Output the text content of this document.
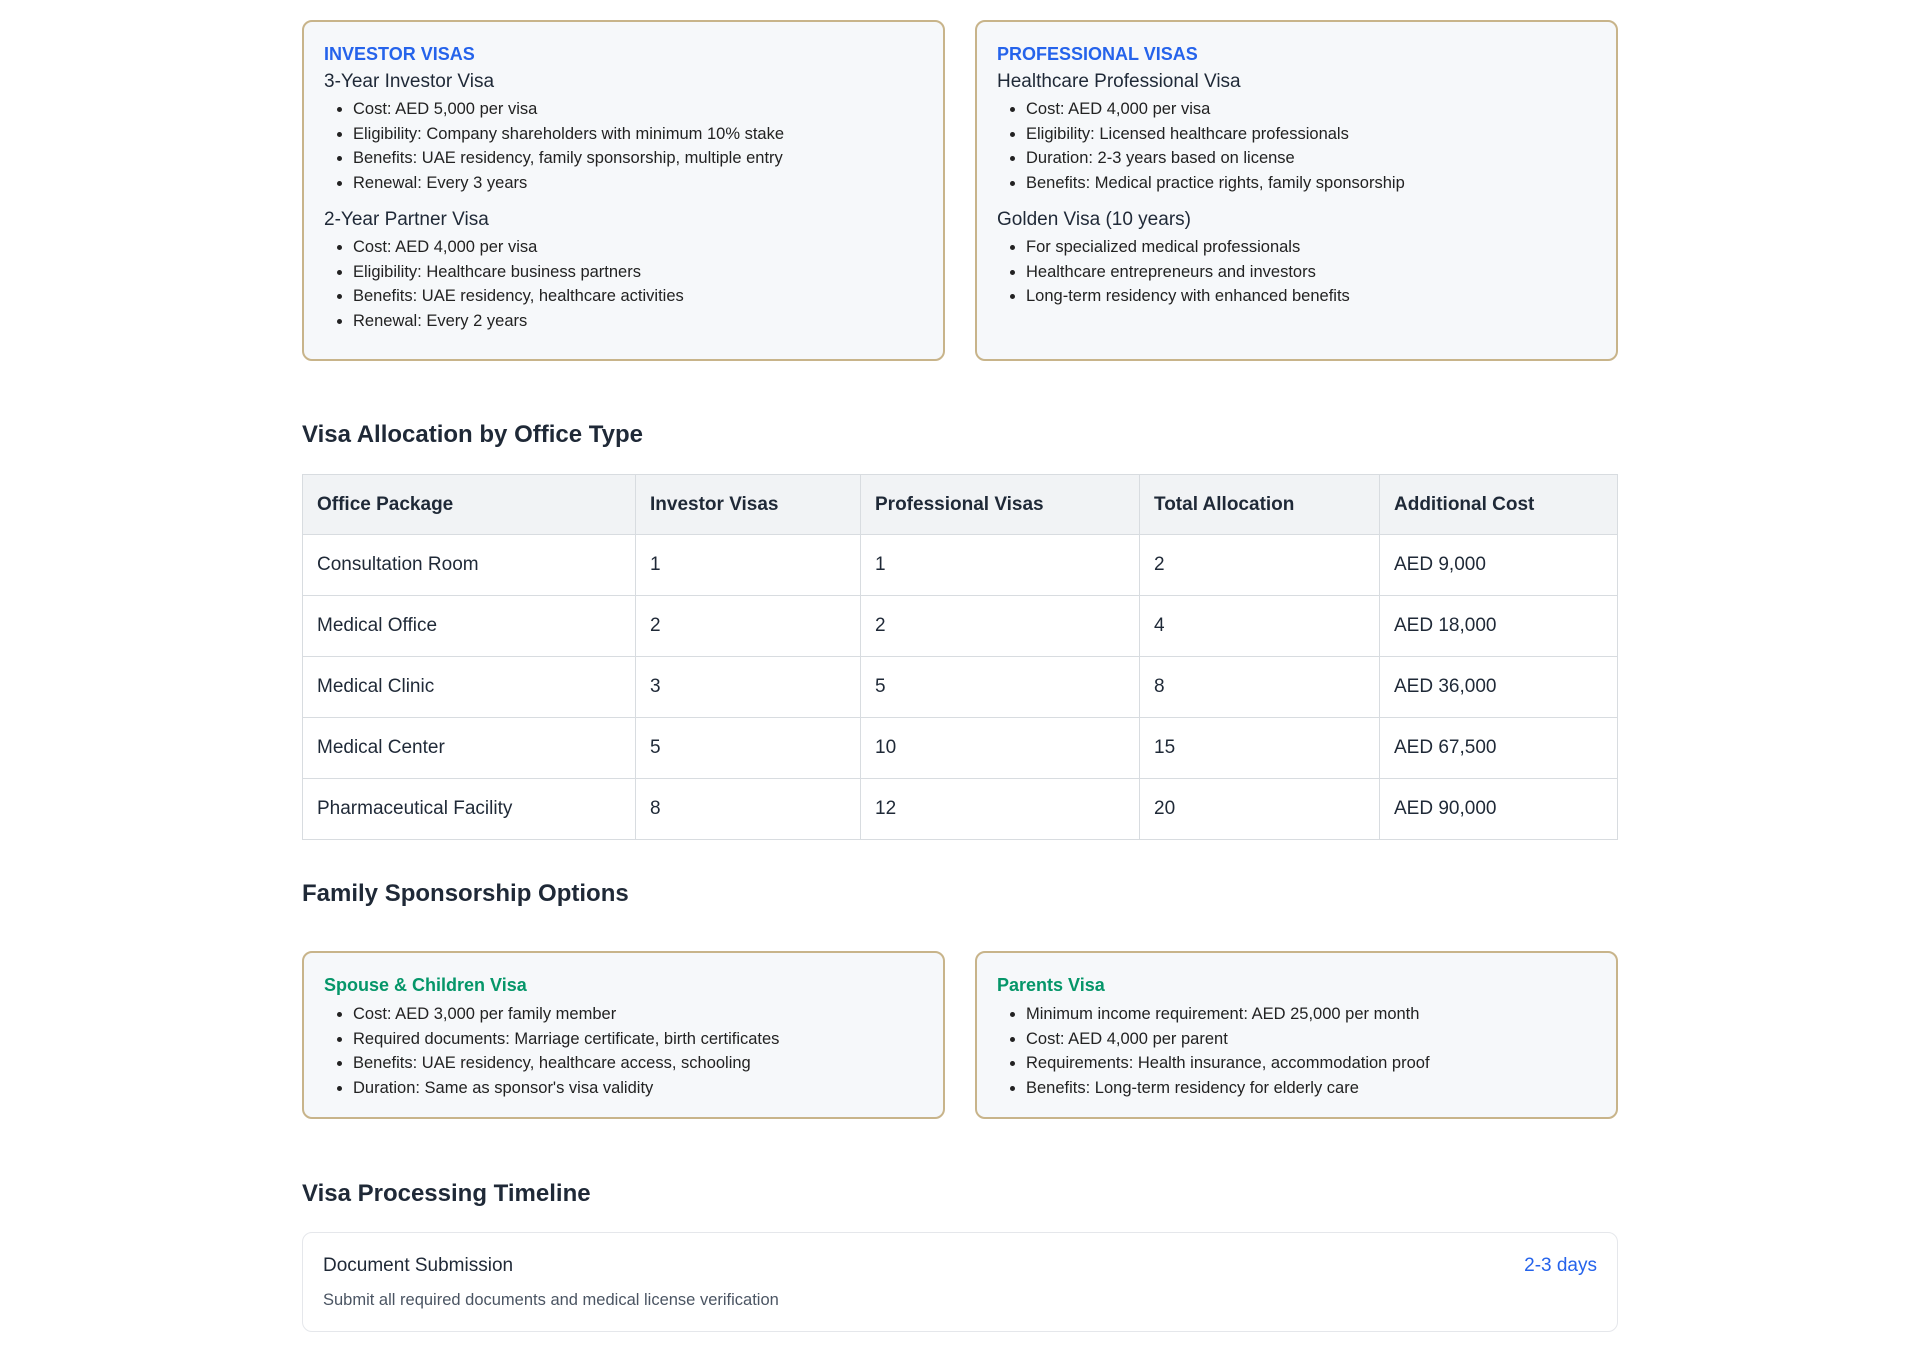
INVESTOR VISAS
3-Year Investor Visa
• Cost: AED 5,000 per visa
• Eligibility: Company shareholders with minimum 10% stake
• Benefits: UAE residency, family sponsorship, multiple entry
• Renewal: Every 3 years
2-Year Partner Visa
• Cost: AED 4,000 per visa
• Eligibility: Healthcare business partners
• Benefits: UAE residency, healthcare activities
• Renewal: Every 2 years
PROFESSIONAL VISAS
Healthcare Professional Visa
• Cost: AED 4,000 per visa
• Eligibility: Licensed healthcare professionals
• Duration: 2-3 years based on license
• Benefits: Medical practice rights, family sponsorship
Golden Visa (10 years)
• For specialized medical professionals
• Healthcare entrepreneurs and investors
• Long-term residency with enhanced benefits
Visa Allocation by Office Type
Office Package	Investor Visas	Professional Visas	Total Allocation	Additional Cost
Consultation Room	1	1	2	AED 9,000
Medical Office	2	2	4	AED 18,000
Medical Clinic	3	5	8	AED 36,000
Medical Center	5	10	15	AED 67,500
Pharmaceutical Facility	8	12	20	AED 90,000
Family Sponsorship Options
Spouse & Children Visa
• Cost: AED 3,000 per family member
• Required documents: Marriage certificate, birth certificates
• Benefits: UAE residency, healthcare access, schooling
• Duration: Same as sponsor's visa validity
Parents Visa
• Minimum income requirement: AED 25,000 per month
• Cost: AED 4,000 per parent
• Requirements: Health insurance, accommodation proof
• Benefits: Long-term residency for elderly care
Visa Processing Timeline
Document Submission	2-3 days
Submit all required documents and medical license verification
